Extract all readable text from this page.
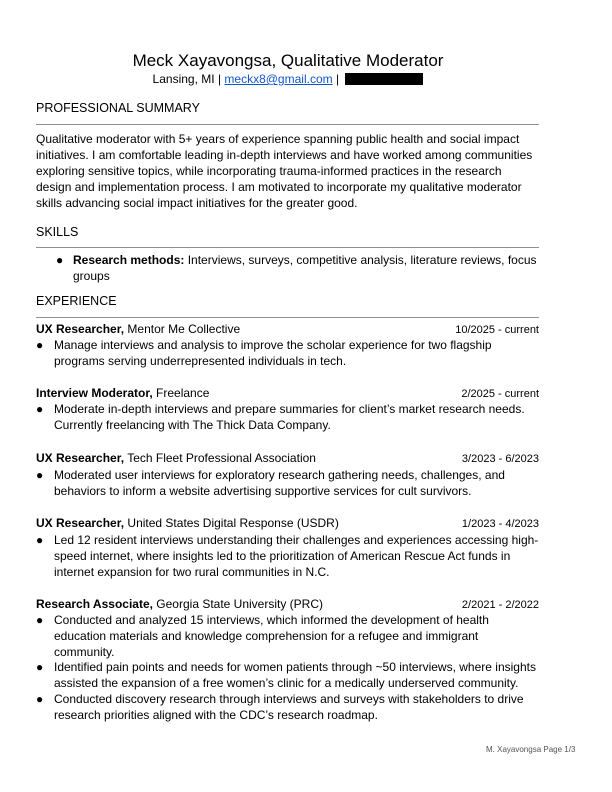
Meck Xayavongsa, Qualitative Moderator
Lansing, MI | meckx8@gmail.com |
PROFESSIONAL SUMMARY
Qualitative moderator with 5+ years of experience spanning public health and social impact initiatives. I am comfortable leading in-depth interviews and have worked among communities exploring sensitive topics, while incorporating trauma-informed practices in the research design and implementation process. I am motivated to incorporate my qualitative moderator skills advancing social impact initiatives for the greater good.
SKILLS
● Research methods: Interviews, surveys, competitive analysis, literature reviews, focus groups
EXPERIENCE
UX Researcher, Mentor Me Collective	10/2025 - current
● Manage interviews and analysis to improve the scholar experience for two flagship programs serving underrepresented individuals in tech.
Interview Moderator, Freelance	2/2025 - current
● Moderate in-depth interviews and prepare summaries for client’s market research needs. Currently freelancing with The Thick Data Company.
UX Researcher, Tech Fleet Professional Association	3/2023 - 6/2023
● Moderated user interviews for exploratory research gathering needs, challenges, and behaviors to inform a website advertising supportive services for cult survivors.
UX Researcher, United States Digital Response (USDR)	1/2023 - 4/2023
● Led 12 resident interviews understanding their challenges and experiences accessing high-speed internet, where insights led to the prioritization of American Rescue Act funds in internet expansion for two rural communities in N.C.
Research Associate, Georgia State University (PRC)	2/2021 - 2/2022
● Conducted and analyzed 15 interviews, which informed the development of health education materials and knowledge comprehension for a refugee and immigrant community.
● Identified pain points and needs for women patients through ~50 interviews, where insights assisted the expansion of a free women’s clinic for a medically underserved community.
● Conducted discovery research through interviews and surveys with stakeholders to drive research priorities aligned with the CDC’s research roadmap.
M. Xayavongsa Page 1/3
